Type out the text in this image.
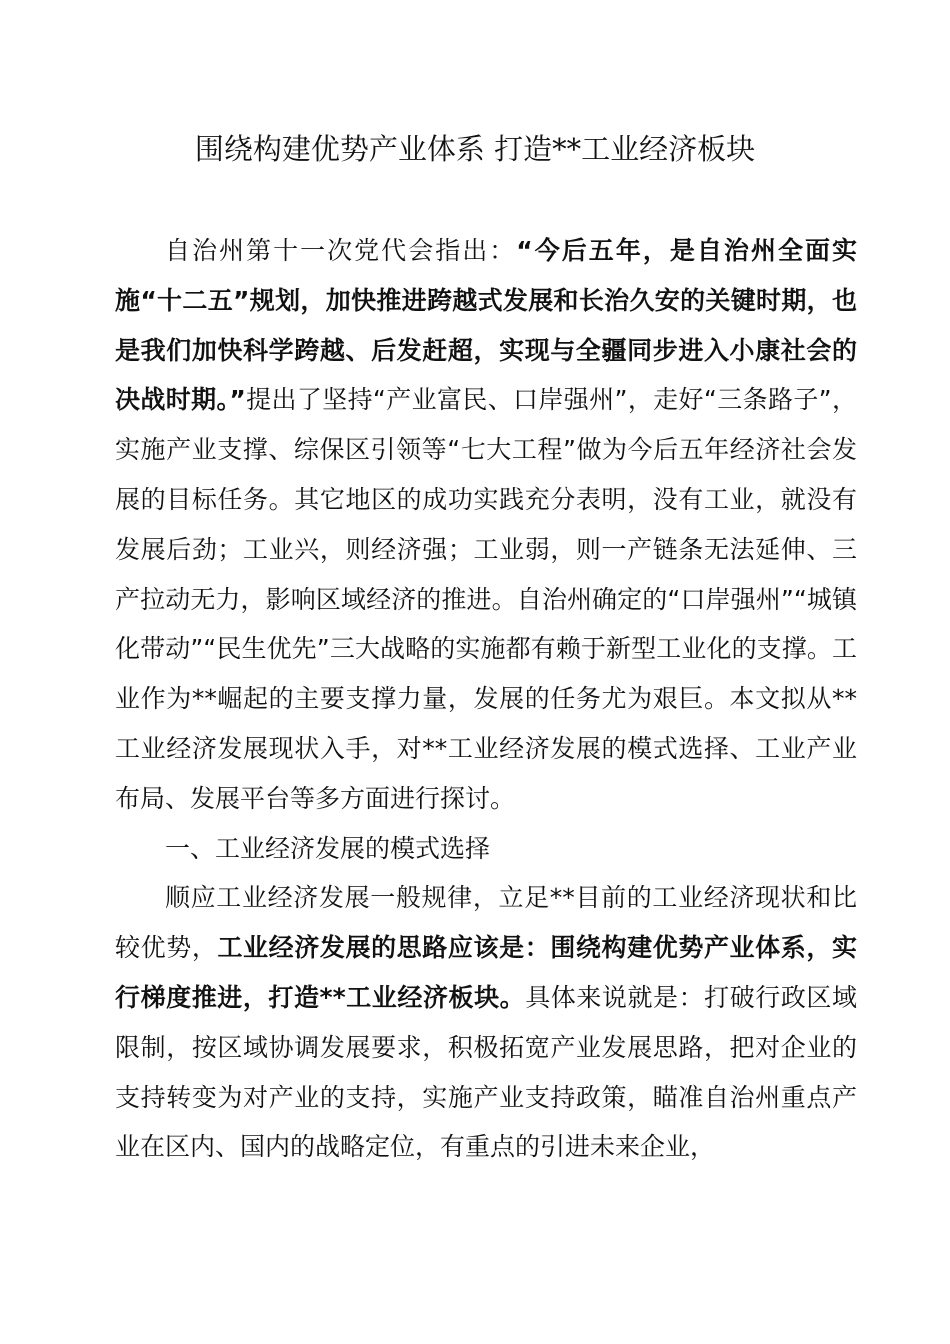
围绕构建优势产业体系 打造**工业经济板块

自治州第十一次党代会指出：“今后五年，是自治州全面实施“十二五”规划，加快推进跨越式发展和长治久安的关键时期，也是我们加快科学跨越、后发赶超，实现与全疆同步进入小康社会的决战时期。”提出了坚持“产业富民、口岸强州”，走好“三条路子”，实施产业支撑、综保区引领等“七大工程”做为今后五年经济社会发展的目标任务。其它地区的成功实践充分表明，没有工业，就没有发展后劲；工业兴，则经济强；工业弱，则一产链条无法延伸、三产拉动无力，影响区域经济的推进。自治州确定的“口岸强州”“城镇化带动”“民生优先”三大战略的实施都有赖于新型工业化的支撑。工业作为**崛起的主要支撑力量，发展的任务尤为艰巨。本文拟从**工业经济发展现状入手，对**工业经济发展的模式选择、工业产业布局、发展平台等多方面进行探讨。

一、工业经济发展的模式选择

顺应工业经济发展一般规律，立足**目前的工业经济现状和比较优势，工业经济发展的思路应该是：围绕构建优势产业体系，实行梯度推进，打造**工业经济板块。具体来说就是：打破行政区域限制，按区域协调发展要求，积极拓宽产业发展思路，把对企业的支持转变为对产业的支持，实施产业支持政策，瞄准自治州重点产业在区内、国内的战略定位，有重点的引进未来企业，
